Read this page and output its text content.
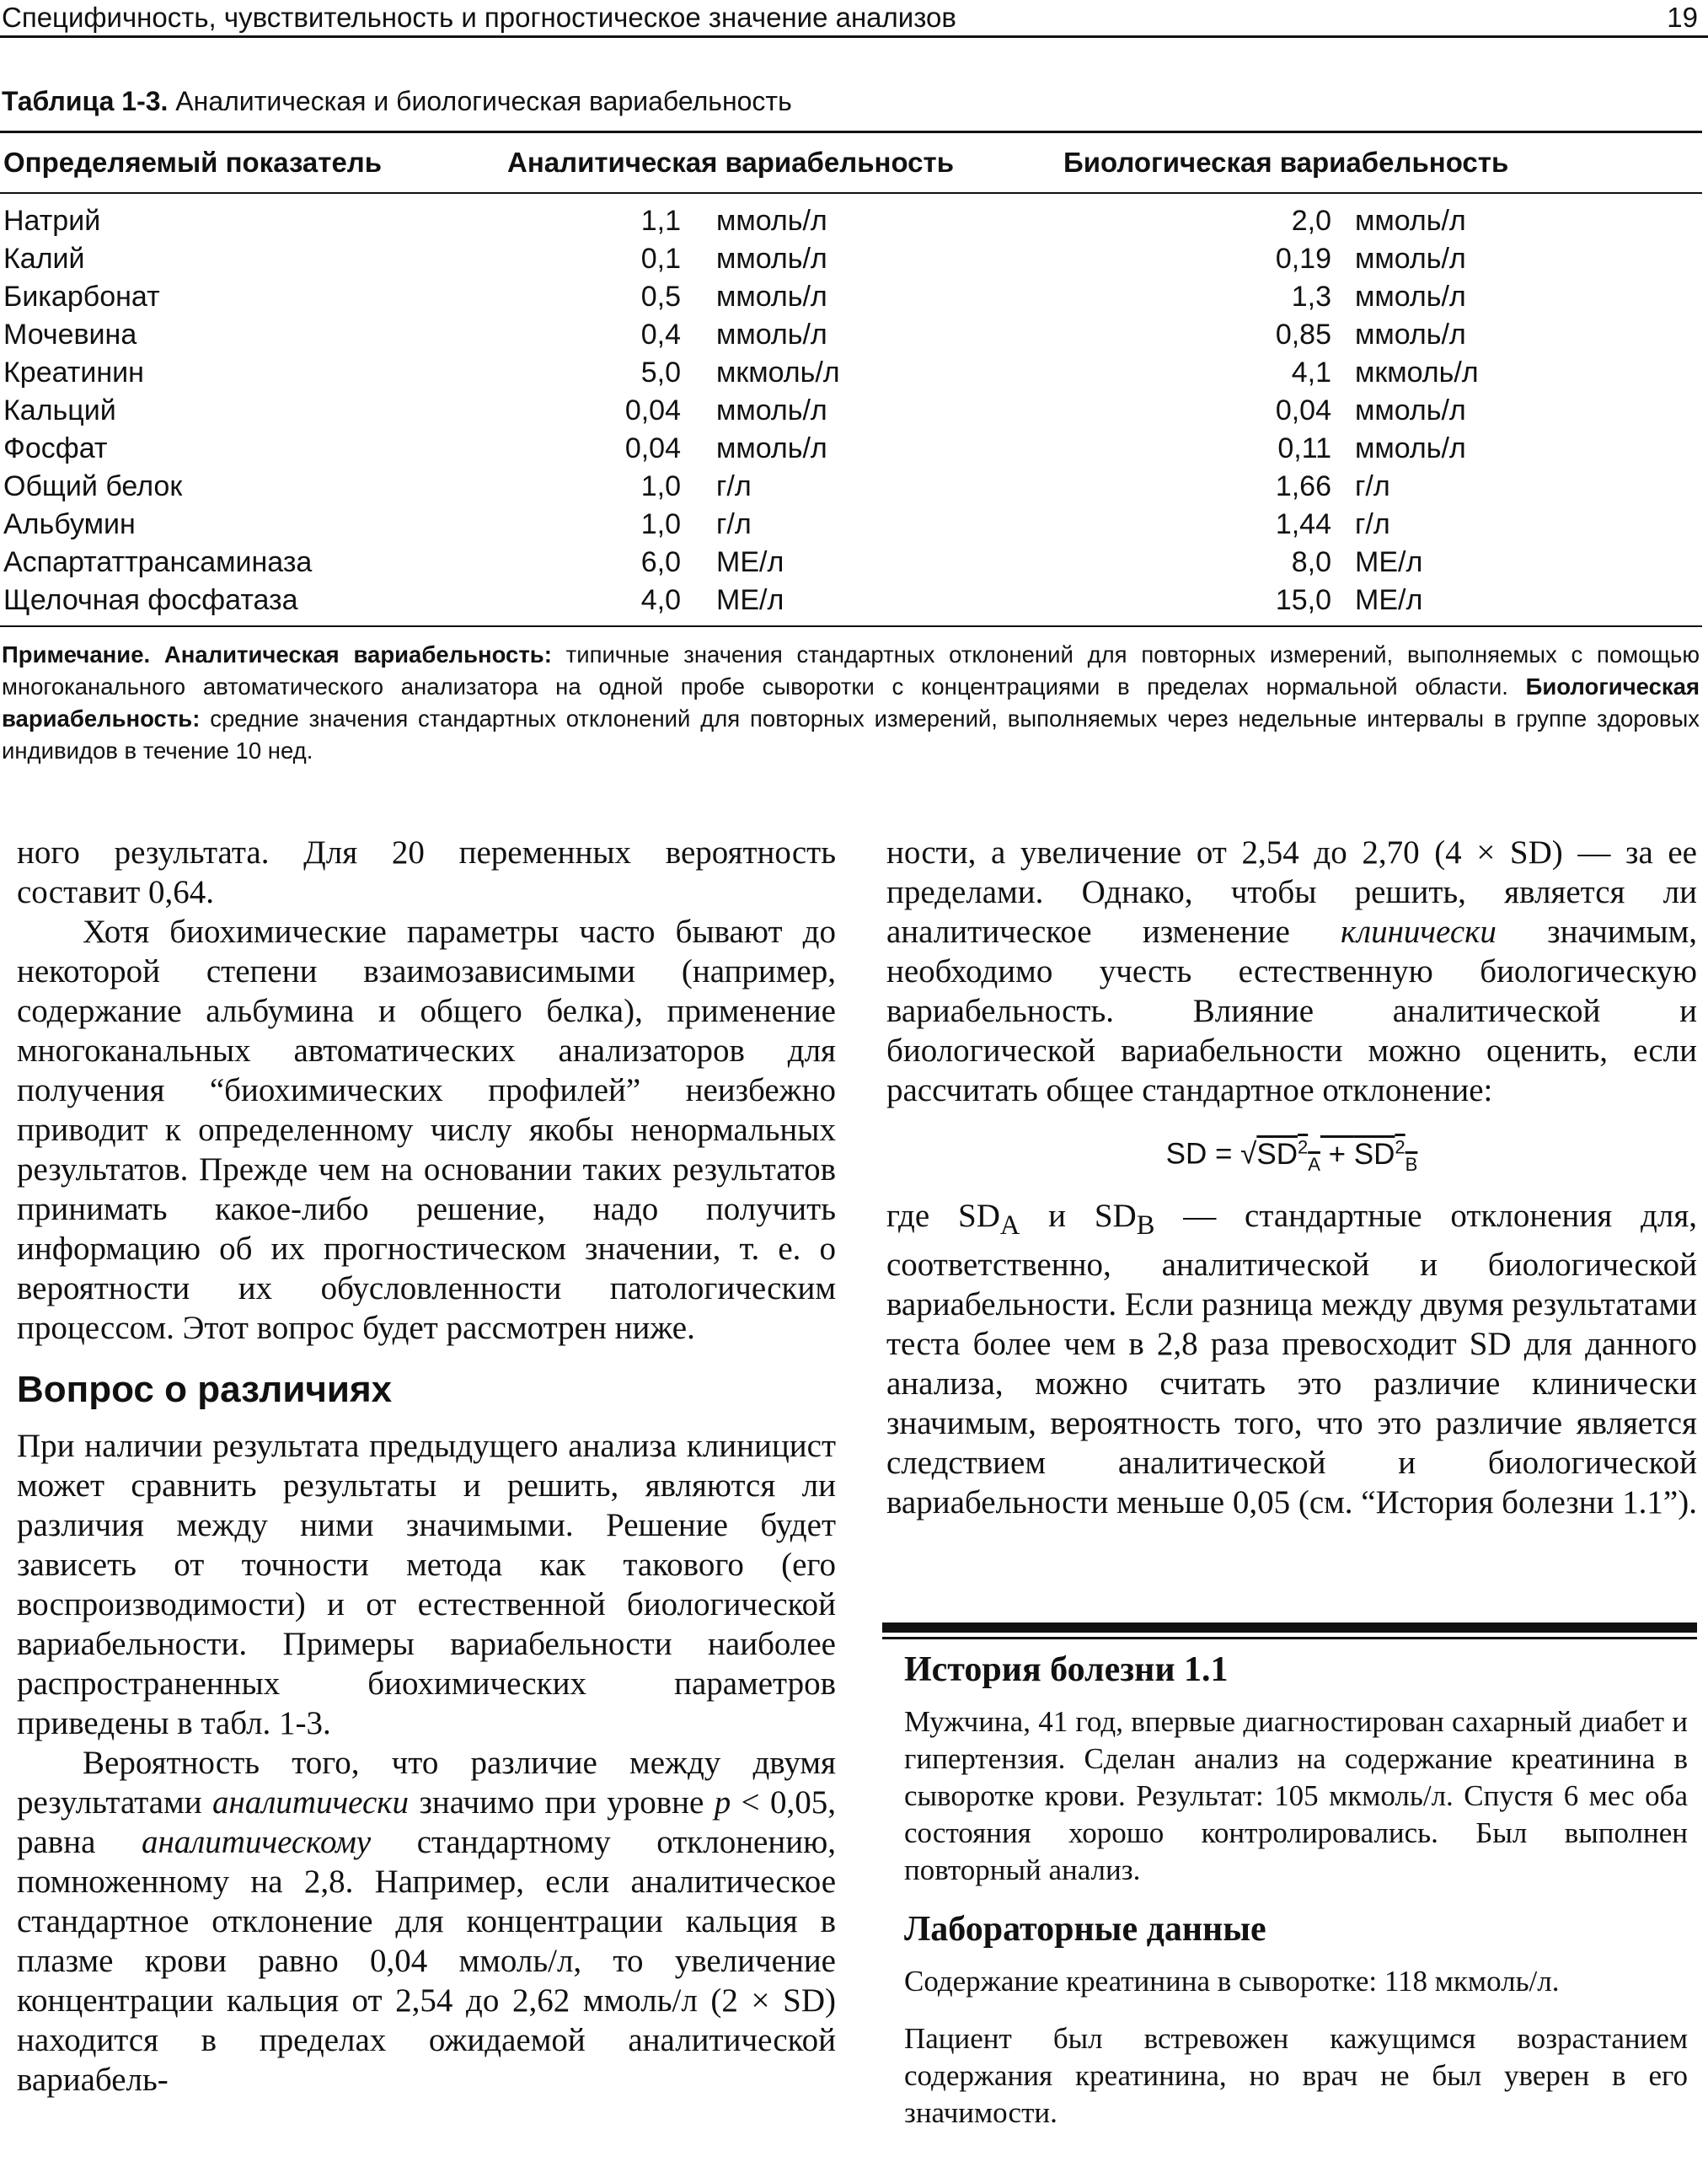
Специфичность, чувствительность и прогностическое значение анализов	19
Таблица 1-3. Аналитическая и биологическая вариабельность
Определяемый показатель	Аналитическая вариабельность	Биологическая вариабельность
Натрий	1,1 ммоль/л	2,0 ммоль/л
Калий	0,1 ммоль/л	0,19 ммоль/л
Бикарбонат	0,5 ммоль/л	1,3 ммоль/л
Мочевина	0,4 ммоль/л	0,85 ммоль/л
Креатинин	5,0 мкмоль/л	4,1 мкмоль/л
Кальций	0,04 ммоль/л	0,04 ммоль/л
Фосфат	0,04 ммоль/л	0,11 ммоль/л
Общий белок	1,0 г/л	1,66 г/л
Альбумин	1,0 г/л	1,44 г/л
Аспартаттрансаминаза	6,0 МЕ/л	8,0 МЕ/л
Щелочная фосфатаза	4,0 МЕ/л	15,0 МЕ/л
Примечание. Аналитическая вариабельность: типичные значения стандартных отклонений для повторных измерений, выполняемых с помощью многоканального автоматического анализатора на одной пробе сыворотки с концентрациями в пределах нормальной области. Биологическая вариабельность: средние значения стандартных отклонений для повторных измерений, выполняемых через недельные интервалы в группе здоровых индивидов в течение 10 нед.

ного результата. Для 20 переменных вероятность составит 0,64.

Хотя биохимические параметры часто бывают до некоторой степени взаимозависимыми (например, содержание альбумина и общего белка), применение многоканальных автоматических анализаторов для получения “биохимических профилей” неизбежно приводит к определенному числу якобы ненормальных результатов. Прежде чем на основании таких результатов принимать какое-либо решение, надо получить информацию об их прогностическом значении, т. е. о вероятности их обусловленности патологическим процессом. Этот вопрос будет рассмотрен ниже.

Вопрос о различиях

При наличии результата предыдущего анализа клиницист может сравнить результаты и решить, являются ли различия между ними значимыми. Решение будет зависеть от точности метода как такового (его воспроизводимости) и от естественной биологической вариабельности. Примеры вариабельности наиболее распространенных биохимических параметров приведены в табл. 1-3.

Вероятность того, что различие между двумя результатами аналитически значимо при уровне p < 0,05, равна аналитическому стандартному отклонению, помноженному на 2,8. Например, если аналитическое стандартное отклонение для концентрации кальция в плазме крови равно 0,04 ммоль/л, то увеличение концентрации кальция от 2,54 до 2,62 ммоль/л (2 × SD) находится в пределах ожидаемой аналитической вариабель-

ности, а увеличение от 2,54 до 2,70 (4 × SD) — за ее пределами. Однако, чтобы решить, является ли аналитическое изменение клинически значимым, необходимо учесть естественную биологическую вариабельность. Влияние аналитической и биологической вариабельности можно оценить, если рассчитать общее стандартное отклонение:

SD = $√SD^2_A + SD^2_B$

где $SD_A$ и $SD_B$ — стандартные отклонения для, соответственно, аналитической и биологической вариабельности. Если разница между двумя результатами теста более чем в 2,8 раза превосходит SD для данного анализа, можно считать это различие клинически значимым, вероятность того, что это различие является следствием аналитической и биологической вариабельности меньше 0,05 (см. “История болезни 1.1”).

История болезни 1.1

Мужчина, 41 год, впервые диагностирован сахарный диабет и гипертензия. Сделан анализ на содержание креатинина в сыворотке крови. Результат: 105 мкмоль/л. Спустя 6 мес оба состояния хорошо контролировались. Был выполнен повторный анализ.

Лабораторные данные

Содержание креатинина в сыворотке: 118 мкмоль/л.

Пациент был встревожен кажущимся возрастанием содержания креатинина, но врач не был уверен в его значимости.
